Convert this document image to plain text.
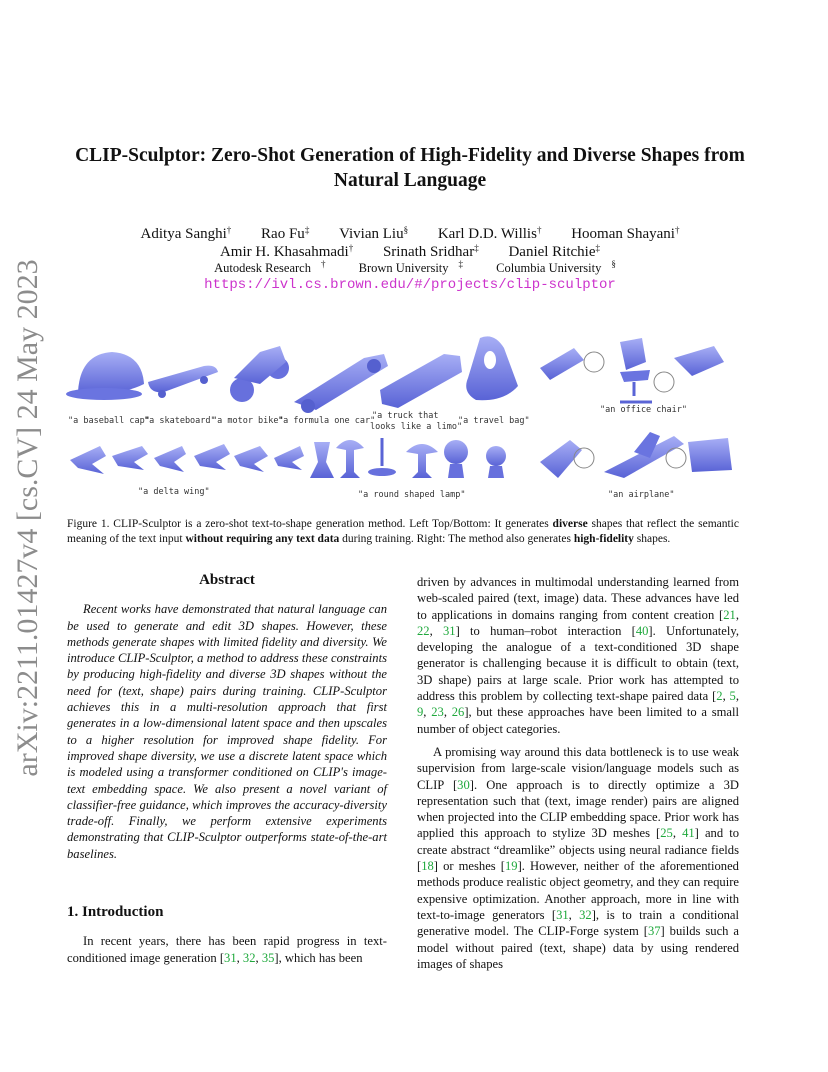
arXiv:2211.01427v4 [cs.CV] 24 May 2023
CLIP-Sculptor: Zero-Shot Generation of High-Fidelity and Diverse Shapes from
Natural Language
Aditya Sanghi† Rao Fu‡ Vivian Liu§ Karl D.D. Willis† Hooman Shayani†
Amir H. Khasahmadi† Srinath Sridhar‡ Daniel Ritchie‡
Autodesk Research †	Brown University ‡	Columbia University §
https://ivl.cs.brown.edu/#/projects/clip-sculptor
"a baseball cap"
"a skateboard"
"a motor bike"
"a formula one car"
"a truck that
looks like a limo"
"a travel bag"
"an office chair"
"a delta wing"	"a round shaped lamp"	"an airplane"
Figure 1. CLIP-Sculptor is a zero-shot text-to-shape generation method. Left Top/Bottom: It generates diverse shapes that reflect the semantic meaning of the text input without requiring any text data during training. Right: The method also generates high-fidelity shapes.
Abstract

Recent works have demonstrated that natural language can be used to generate and edit 3D shapes. However, these methods generate shapes with limited fidelity and diversity. We introduce CLIP-Sculptor, a method to address these constraints by producing high-fidelity and diverse 3D shapes without the need for (text, shape) pairs during training. CLIP-Sculptor achieves this in a multi-resolution approach that first generates in a low-dimensional latent space and then upscales to a higher resolution for improved shape fidelity. For improved shape diversity, we use a discrete latent space which is modeled using a transformer conditioned on CLIP's image-text embedding space. We also present a novel variant of classifier-free guidance, which improves the accuracy-diversity trade-off. Finally, we perform extensive experiments demonstrating that CLIP-Sculptor outperforms state-of-the-art baselines.

1. Introduction

In recent years, there has been rapid progress in text-conditioned image generation [31, 32, 35], which has been

driven by advances in multimodal understanding learned from web-scaled paired (text, image) data. These advances have led to applications in domains ranging from content creation [21, 22, 31] to human–robot interaction [40]. Unfortunately, developing the analogue of a text-conditioned 3D shape generator is challenging because it is difficult to obtain (text, 3D shape) pairs at large scale. Prior work has attempted to address this problem by collecting text-shape paired data [2, 5, 9, 23, 26], but these approaches have been limited to a small number of object categories.

A promising way around this data bottleneck is to use weak supervision from large-scale vision/language models such as CLIP [30]. One approach is to directly optimize a 3D representation such that (text, image render) pairs are aligned when projected into the CLIP embedding space. Prior work has applied this approach to stylize 3D meshes [25, 41] and to create abstract “dreamlike” objects using neural radiance fields [18] or meshes [19]. However, neither of the aforementioned methods produce realistic object geometry, and they can require expensive optimization. Another approach, more in line with text-to-image generators [31, 32], is to train a conditional generative model. The CLIP-Forge system [37] builds such a model without paired (text, shape) data by using rendered images of shapes
